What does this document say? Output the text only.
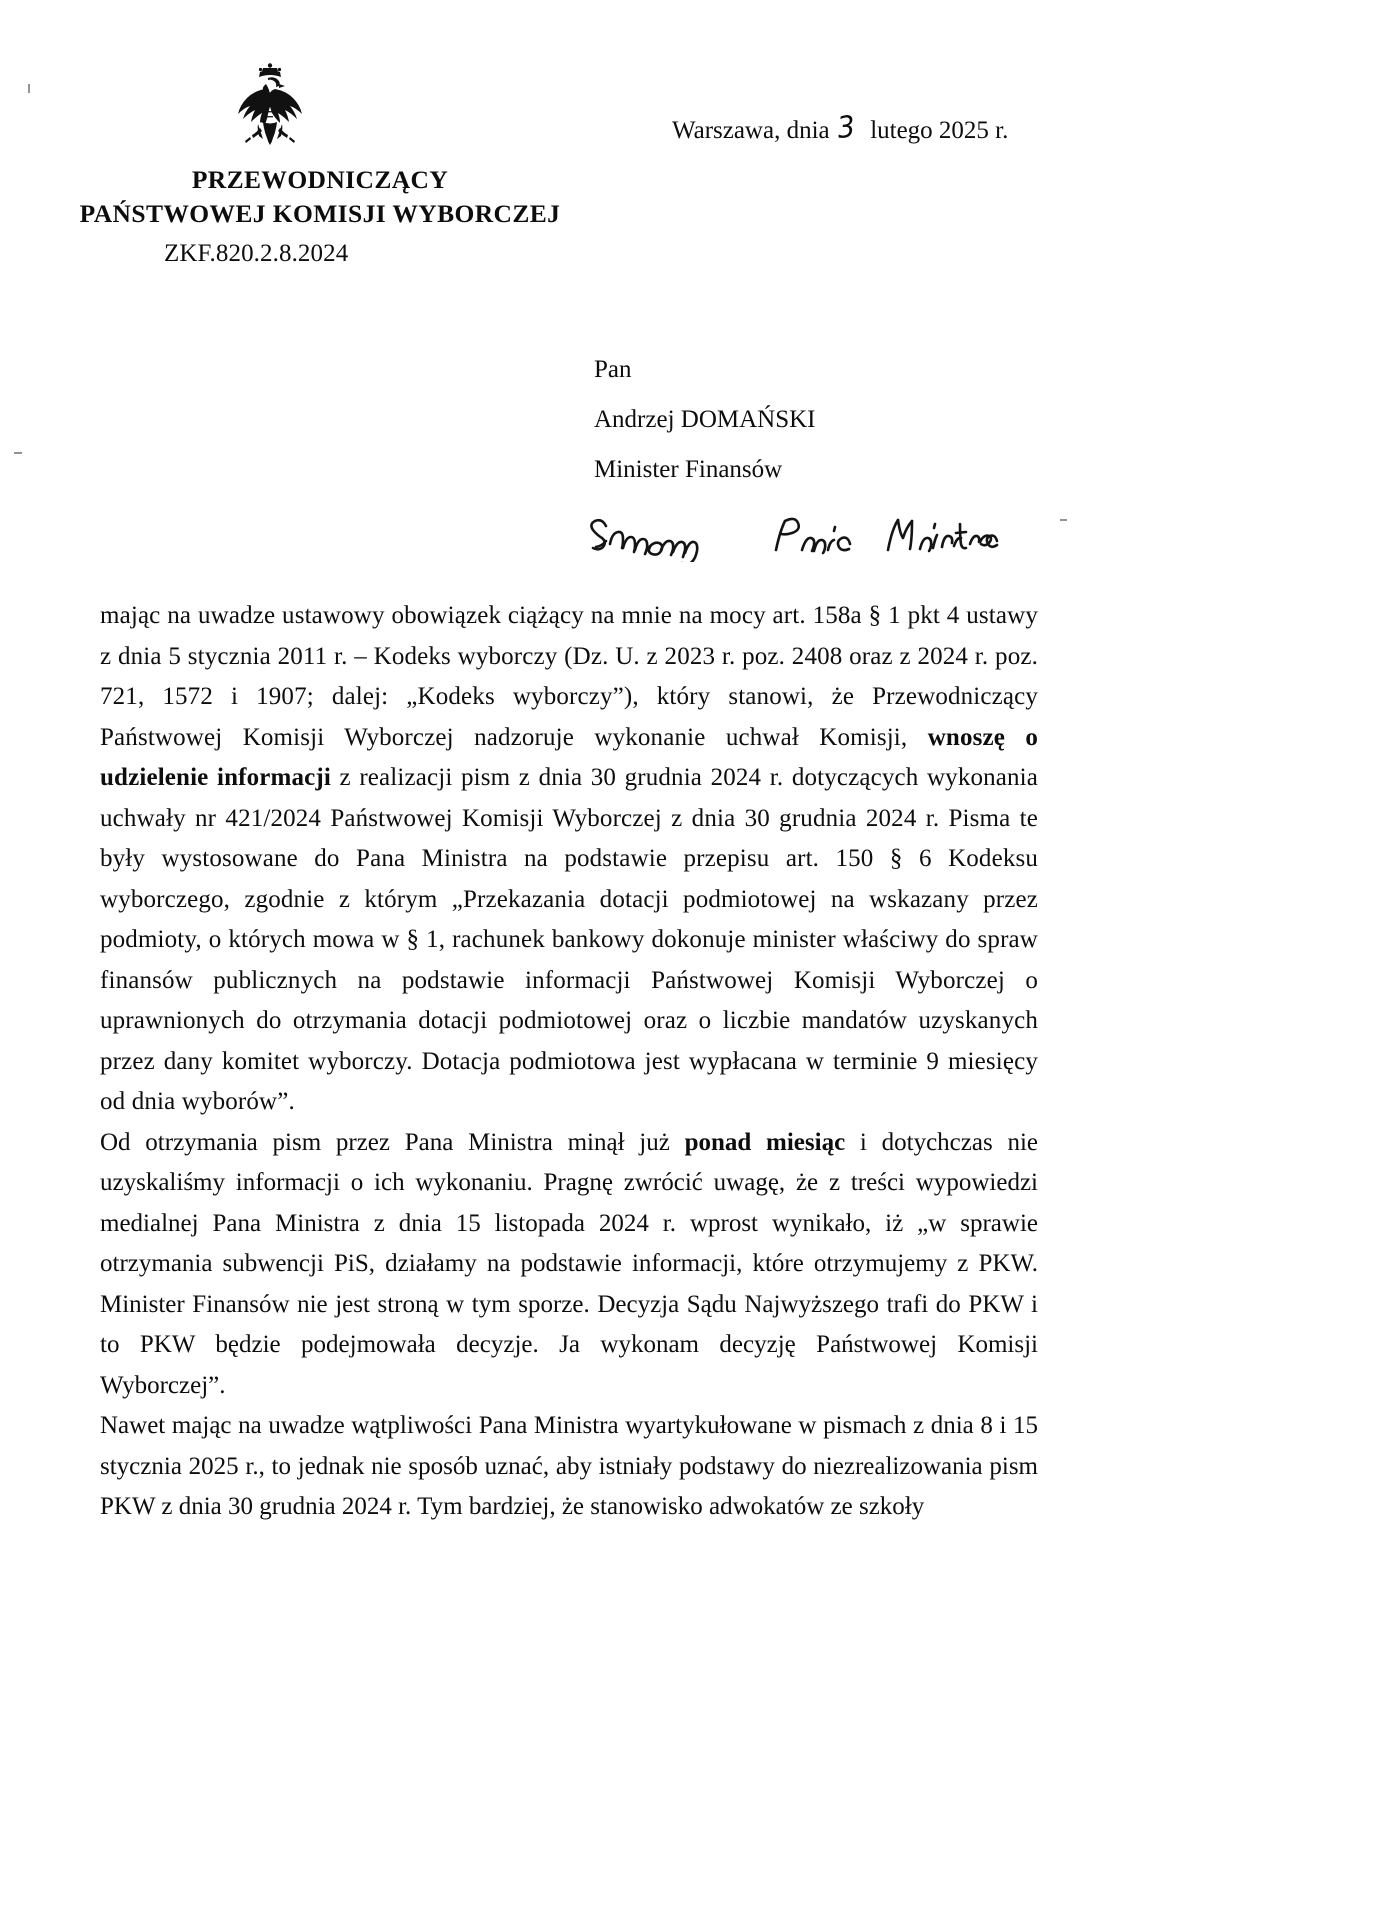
PRZEWODNICZĄCY
PAŃSTWOWEJ KOMISJI WYBORCZEJ
Warszawa, dnia 3 lutego 2025 r.
ZKF.820.2.8.2024
Pan
Andrzej DOMAŃSKI
Minister Finansów

mając na uwadze ustawowy obowiązek ciążący na mnie na mocy art. 158a § 1 pkt 4 ustawy z dnia 5 stycznia 2011 r. – Kodeks wyborczy (Dz. U. z 2023 r. poz. 2408 oraz z 2024 r. poz. 721, 1572 i 1907; dalej: „Kodeks wyborczy”), który stanowi, że Przewodniczący Państwowej Komisji Wyborczej nadzoruje wykonanie uchwał Komisji, wnoszę o udzielenie informacji z realizacji pism z dnia 30 grudnia 2024 r. dotyczących wykonania uchwały nr 421/2024 Państwowej Komisji Wyborczej z dnia 30 grudnia 2024 r. Pisma te były wystosowane do Pana Ministra na podstawie przepisu art. 150 § 6 Kodeksu wyborczego, zgodnie z którym „Przekazania dotacji podmiotowej na wskazany przez podmioty, o których mowa w § 1, rachunek bankowy dokonuje minister właściwy do spraw finansów publicznych na podstawie informacji Państwowej Komisji Wyborczej o uprawnionych do otrzymania dotacji podmiotowej oraz o liczbie mandatów uzyskanych przez dany komitet wyborczy. Dotacja podmiotowa jest wypłacana w terminie 9 miesięcy od dnia wyborów”.

Od otrzymania pism przez Pana Ministra minął już ponad miesiąc i dotychczas nie uzyskaliśmy informacji o ich wykonaniu. Pragnę zwrócić uwagę, że z treści wypowiedzi medialnej Pana Ministra z dnia 15 listopada 2024 r. wprost wynikało, iż „w sprawie otrzymania subwencji PiS, działamy na podstawie informacji, które otrzymujemy z PKW. Minister Finansów nie jest stroną w tym sporze. Decyzja Sądu Najwyższego trafi do PKW i to PKW będzie podejmowała decyzje. Ja wykonam decyzję Państwowej Komisji Wyborczej”.

Nawet mając na uwadze wątpliwości Pana Ministra wyartykułowane w pismach z dnia 8 i 15 stycznia 2025 r., to jednak nie sposób uznać, aby istniały podstawy do niezrealizowania pism PKW z dnia 30 grudnia 2024 r. Tym bardziej, że stanowisko adwokatów ze szkoły
